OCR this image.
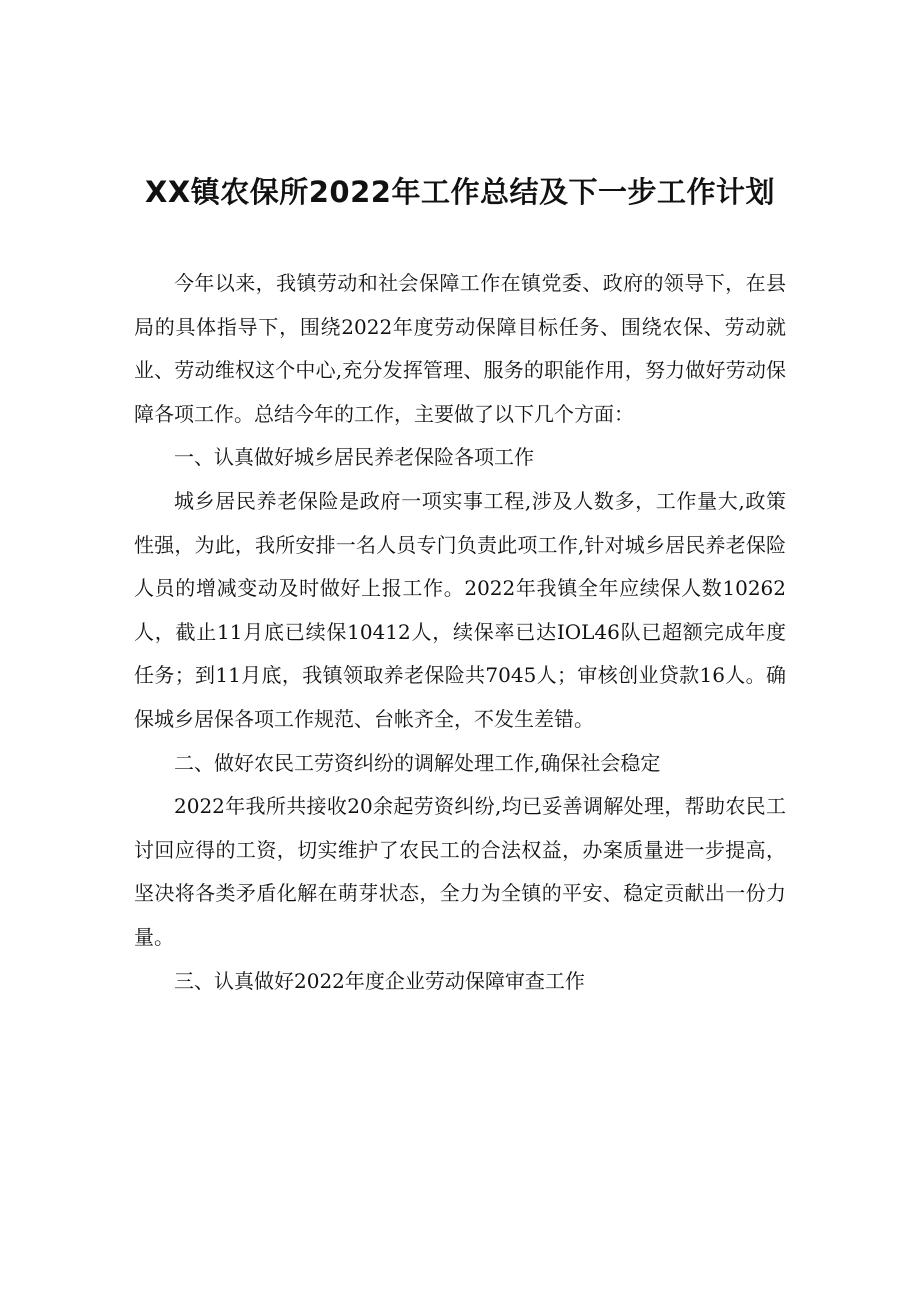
XX镇农保所2022年工作总结及下一步工作计划

今年以来，我镇劳动和社会保障工作在镇党委、政府的领导下，在县局的具体指导下，围绕2022年度劳动保障目标任务、围绕农保、劳动就业、劳动维权这个中心,充分发挥管理、服务的职能作用，努力做好劳动保障各项工作。总结今年的工作，主要做了以下几个方面：

一、认真做好城乡居民养老保险各项工作

城乡居民养老保险是政府一项实事工程,涉及人数多，工作量大,政策性强，为此，我所安排一名人员专门负责此项工作,针对城乡居民养老保险人员的增减变动及时做好上报工作。2022年我镇全年应续保人数10262人，截止11月底已续保10412人，续保率已达IOL46队已超额完成年度任务；到11月底，我镇领取养老保险共7045人；审核创业贷款16人。确保城乡居保各项工作规范、台帐齐全，不发生差错。

二、做好农民工劳资纠纷的调解处理工作,确保社会稳定

2022年我所共接收20余起劳资纠纷,均已妥善调解处理，帮助农民工讨回应得的工资，切实维护了农民工的合法权益，办案质量进一步提高，坚决将各类矛盾化解在萌芽状态，全力为全镇的平安、稳定贡献出一份力量。

三、认真做好2022年度企业劳动保障审查工作
